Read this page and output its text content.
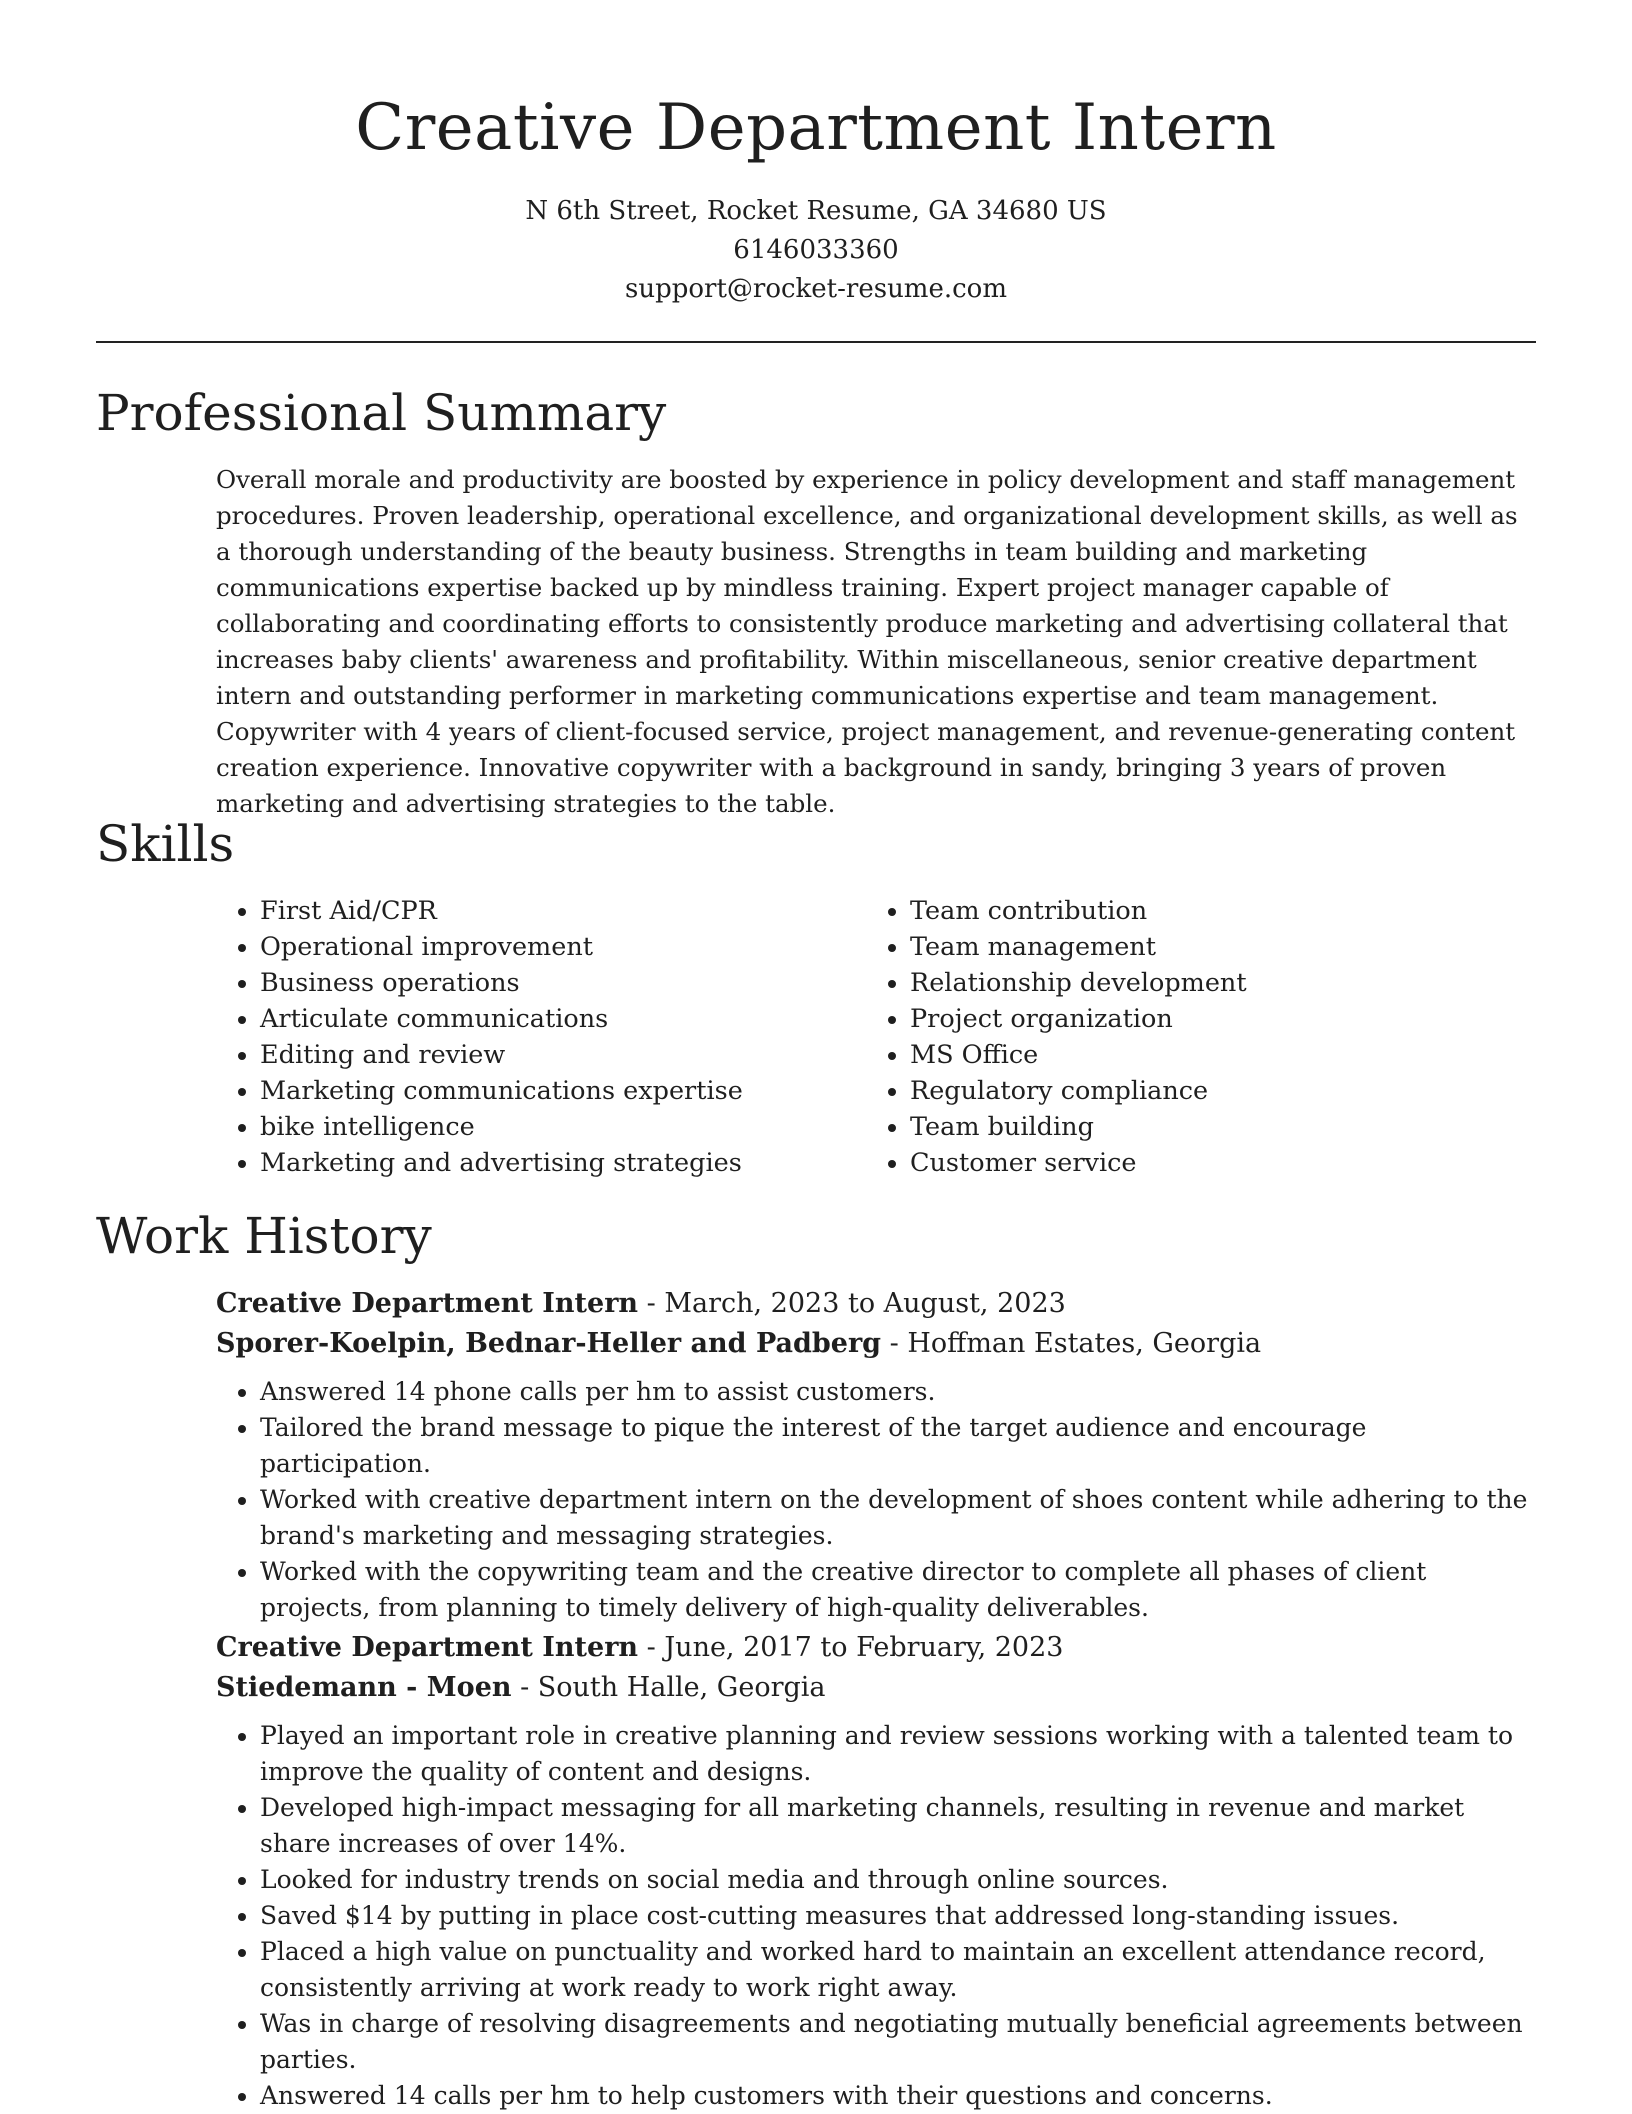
Creative Department Intern
N 6th Street, Rocket Resume, GA 34680 US
6146033360
support@rocket-resume.com
Professional Summary

Overall morale and productivity are boosted by experience in policy development and staff management procedures. Proven leadership, operational excellence, and organizational development skills, as well as a thorough understanding of the beauty business. Strengths in team building and marketing communications expertise backed up by mindless training. Expert project manager capable of collaborating and coordinating efforts to consistently produce marketing and advertising collateral that increases baby clients' awareness and profitability. Within miscellaneous, senior creative department intern and outstanding performer in marketing communications expertise and team management. Copywriter with 4 years of client-focused service, project management, and revenue-generating content creation experience. Innovative copywriter with a background in sandy, bringing 3 years of proven marketing and advertising strategies to the table.

Skills
• First Aid/CPR
• Operational improvement
• Business operations
• Articulate communications
• Editing and review
• Marketing communications expertise
• bike intelligence
• Marketing and advertising strategies
• Team contribution
• Team management
• Relationship development
• Project organization
• MS Office
• Regulatory compliance
• Team building
• Customer service
Work History

Creative Department Intern - March, 2023 to August, 2023

Sporer-Koelpin, Bednar-Heller and Padberg - Hoffman Estates, Georgia

• Answered 14 phone calls per hm to assist customers.
• Tailored the brand message to pique the interest of the target audience and encourage participation.
• Worked with creative department intern on the development of shoes content while adhering to the brand's marketing and messaging strategies.
• Worked with the copywriting team and the creative director to complete all phases of client projects, from planning to timely delivery of high-quality deliverables.

Creative Department Intern - June, 2017 to February, 2023

Stiedemann - Moen - South Halle, Georgia

• Played an important role in creative planning and review sessions working with a talented team to improve the quality of content and designs.
• Developed high-impact messaging for all marketing channels, resulting in revenue and market share increases of over 14%.
• Looked for industry trends on social media and through online sources.
• Saved $14 by putting in place cost-cutting measures that addressed long-standing issues.
• Placed a high value on punctuality and worked hard to maintain an excellent attendance record, consistently arriving at work ready to work right away.
• Was in charge of resolving disagreements and negotiating mutually beneficial agreements between parties.
• Answered 14 calls per hm to help customers with their questions and concerns.
